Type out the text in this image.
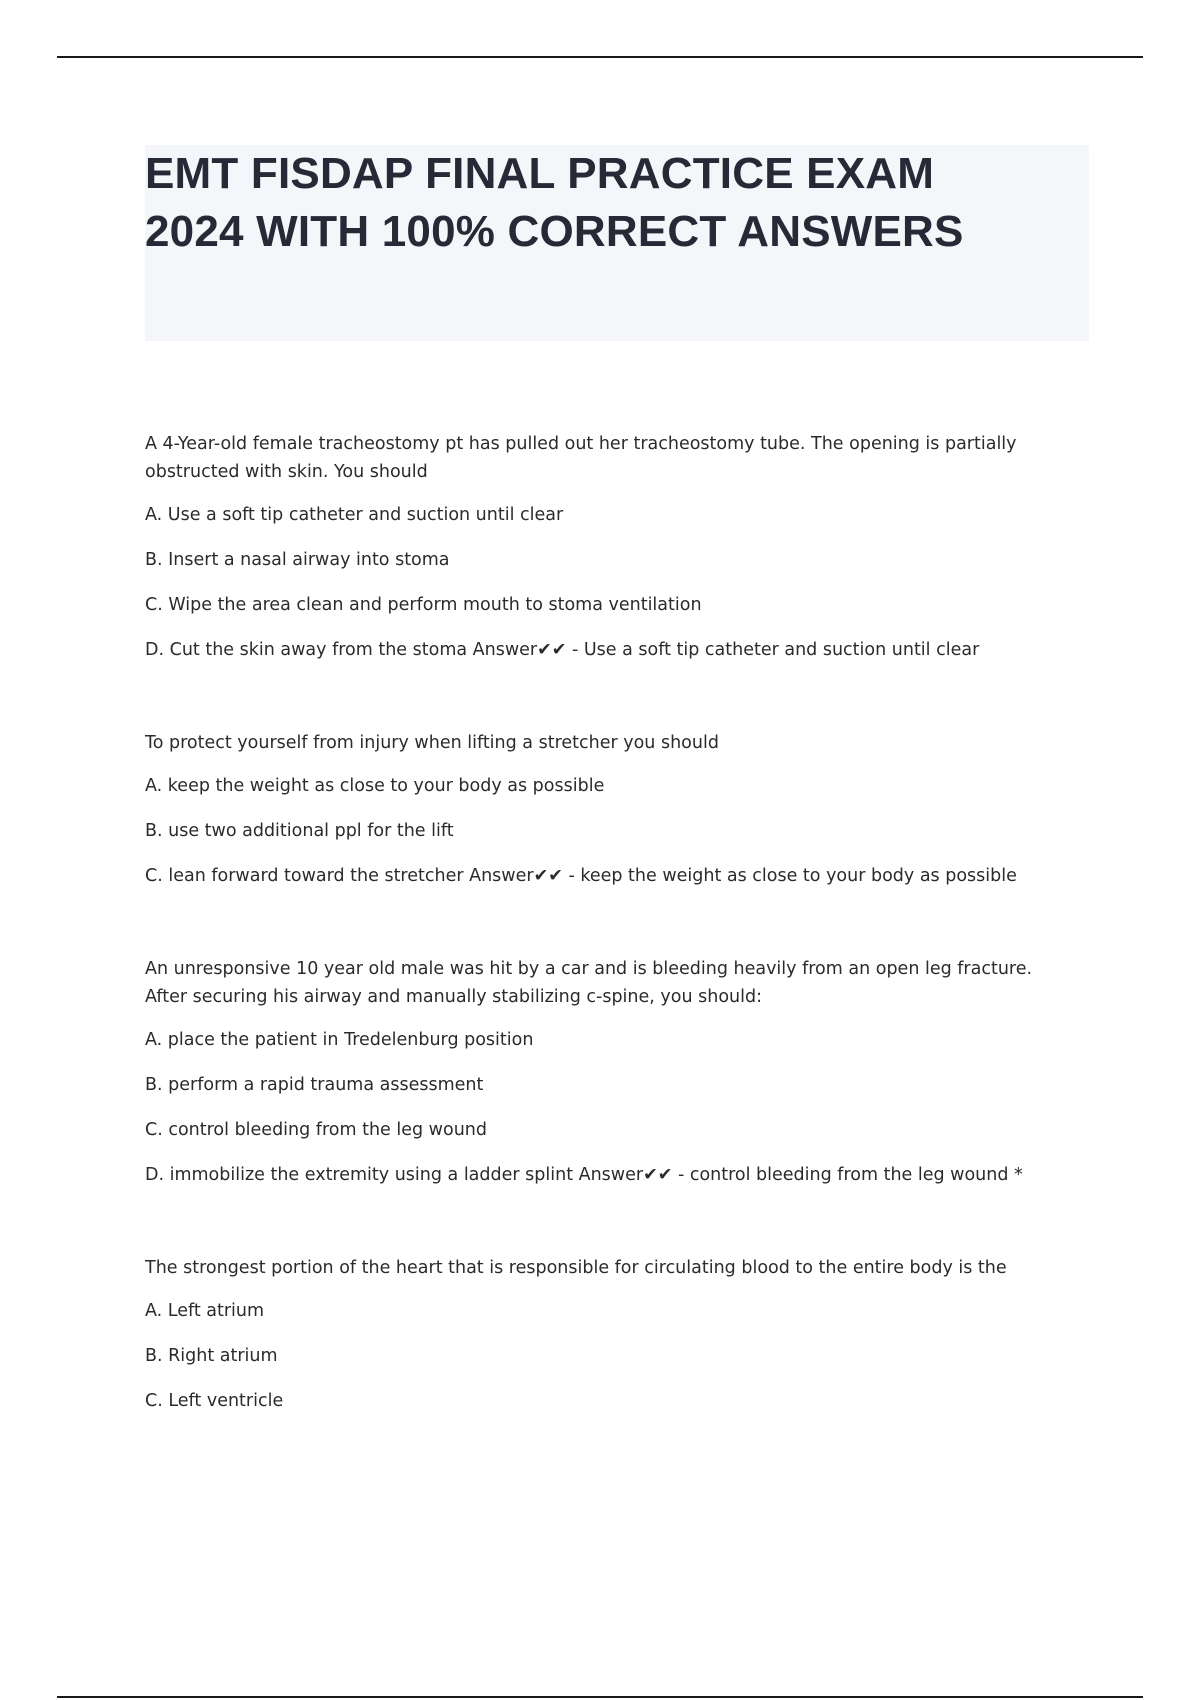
EMT FISDAP FINAL PRACTICE EXAM
2024 WITH 100% CORRECT ANSWERS

A 4-Year-old female tracheostomy pt has pulled out her tracheostomy tube. The opening is partially obstructed with skin. You should

A. Use a soft tip catheter and suction until clear
B. Insert a nasal airway into stoma
C. Wipe the area clean and perform mouth to stoma ventilation
D. Cut the skin away from the stoma Answer✔✔ - Use a soft tip catheter and suction until clear

To protect yourself from injury when lifting a stretcher you should

A. keep the weight as close to your body as possible
B. use two additional ppl for the lift
C. lean forward toward the stretcher Answer✔✔ - keep the weight as close to your body as possible

An unresponsive 10 year old male was hit by a car and is bleeding heavily from an open leg fracture. After securing his airway and manually stabilizing c-spine, you should:

A. place the patient in Tredelenburg position
B. perform a rapid trauma assessment
C. control bleeding from the leg wound
D. immobilize the extremity using a ladder splint Answer✔✔ - control bleeding from the leg wound *

The strongest portion of the heart that is responsible for circulating blood to the entire body is the

A. Left atrium
B. Right atrium
C. Left ventricle
